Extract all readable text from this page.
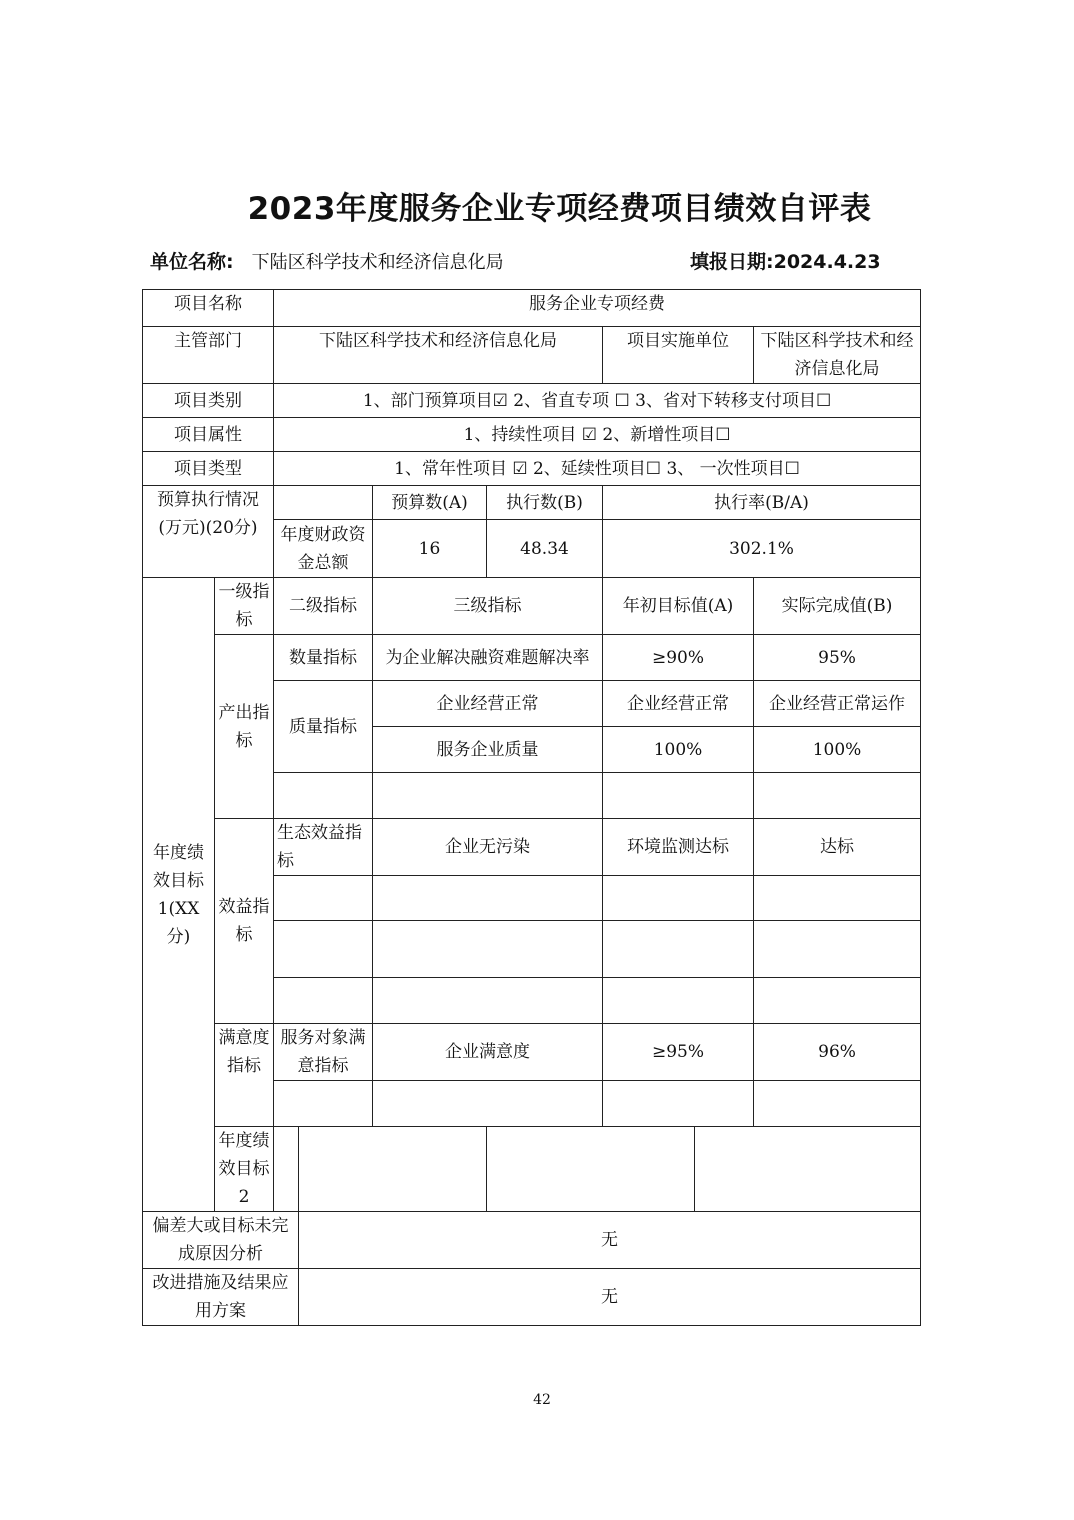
2023年度服务企业专项经费项目绩效自评表
单位名称: 下陆区科学技术和经济信息化局	填报日期:2024.4.23
项目名称		服务企业专项经费							
主管部门		下陆区科学技术和经济信息化局				项目实施单位		下陆区科学技术和经济信息化局	
项目类别		1、部门预算项目☑ 2、省直专项 ☐ 3、省对下转移支付项目☐							
项目属性		1、持续性项目 ☑ 2、新增性项目☐							
项目类型		1、常年性项目 ☑ 2、延续性项目☐ 3、 一次性项目☐							
预算执行情况(万元)(20分)				预算数(A)	执行数(B)	执行率(B/A)			
		年度财政资金总额		16	48.34	302.1%			
年度绩效目标1(XX分)	一级指标	二级指标		三级指标		年初目标值(A)		实际完成值(B)	
	产出指标	数量指标		为企业解决融资难题解决率		≥90%		95%	
		质量指标		企业经营正常		企业经营正常		企业经营正常运作	
				服务企业质量		100%		100%	

	效益指标	生态效益指标		企业无污染		环境监测达标		达标	

	满意度指标	服务对象满意指标		企业满意度		≥95%		96%	

	年度绩效目标2								
偏差大或目标未完成原因分析			无						
改进措施及结果应用方案			无						
42
